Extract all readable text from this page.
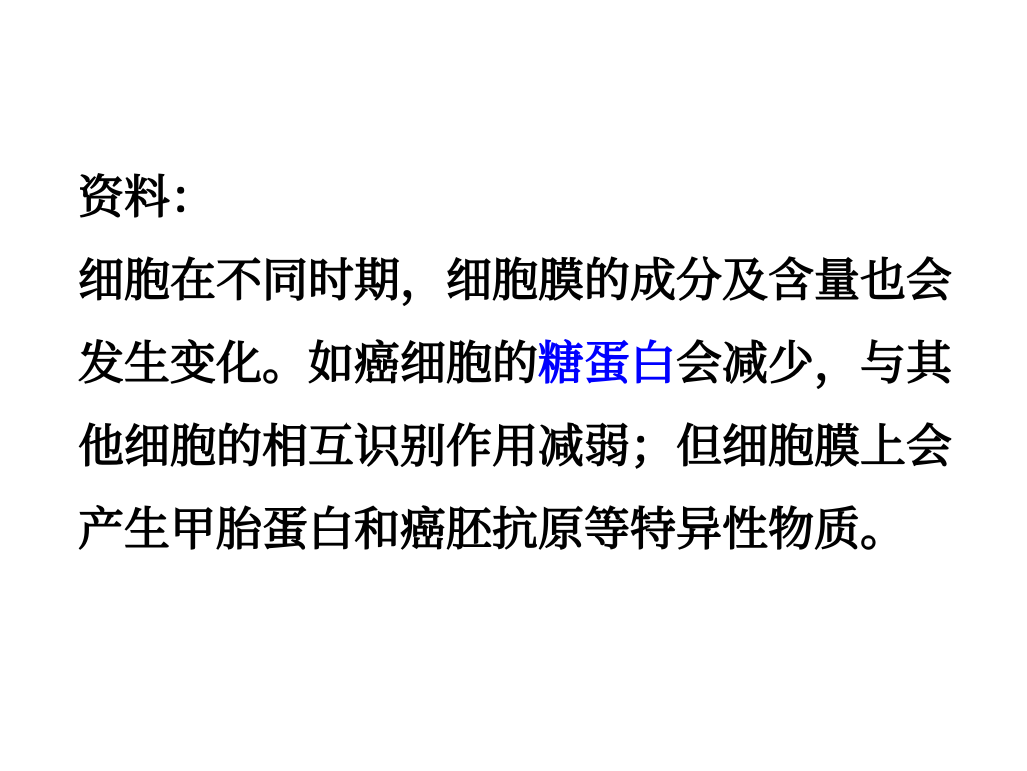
资料：
细胞在不同时期，细胞膜的成分及含量也会
发生变化。如癌细胞的糖蛋白会减少，与其
他细胞的相互识别作用减弱；但细胞膜上会
产生甲胎蛋白和癌胚抗原等特异性物质。
